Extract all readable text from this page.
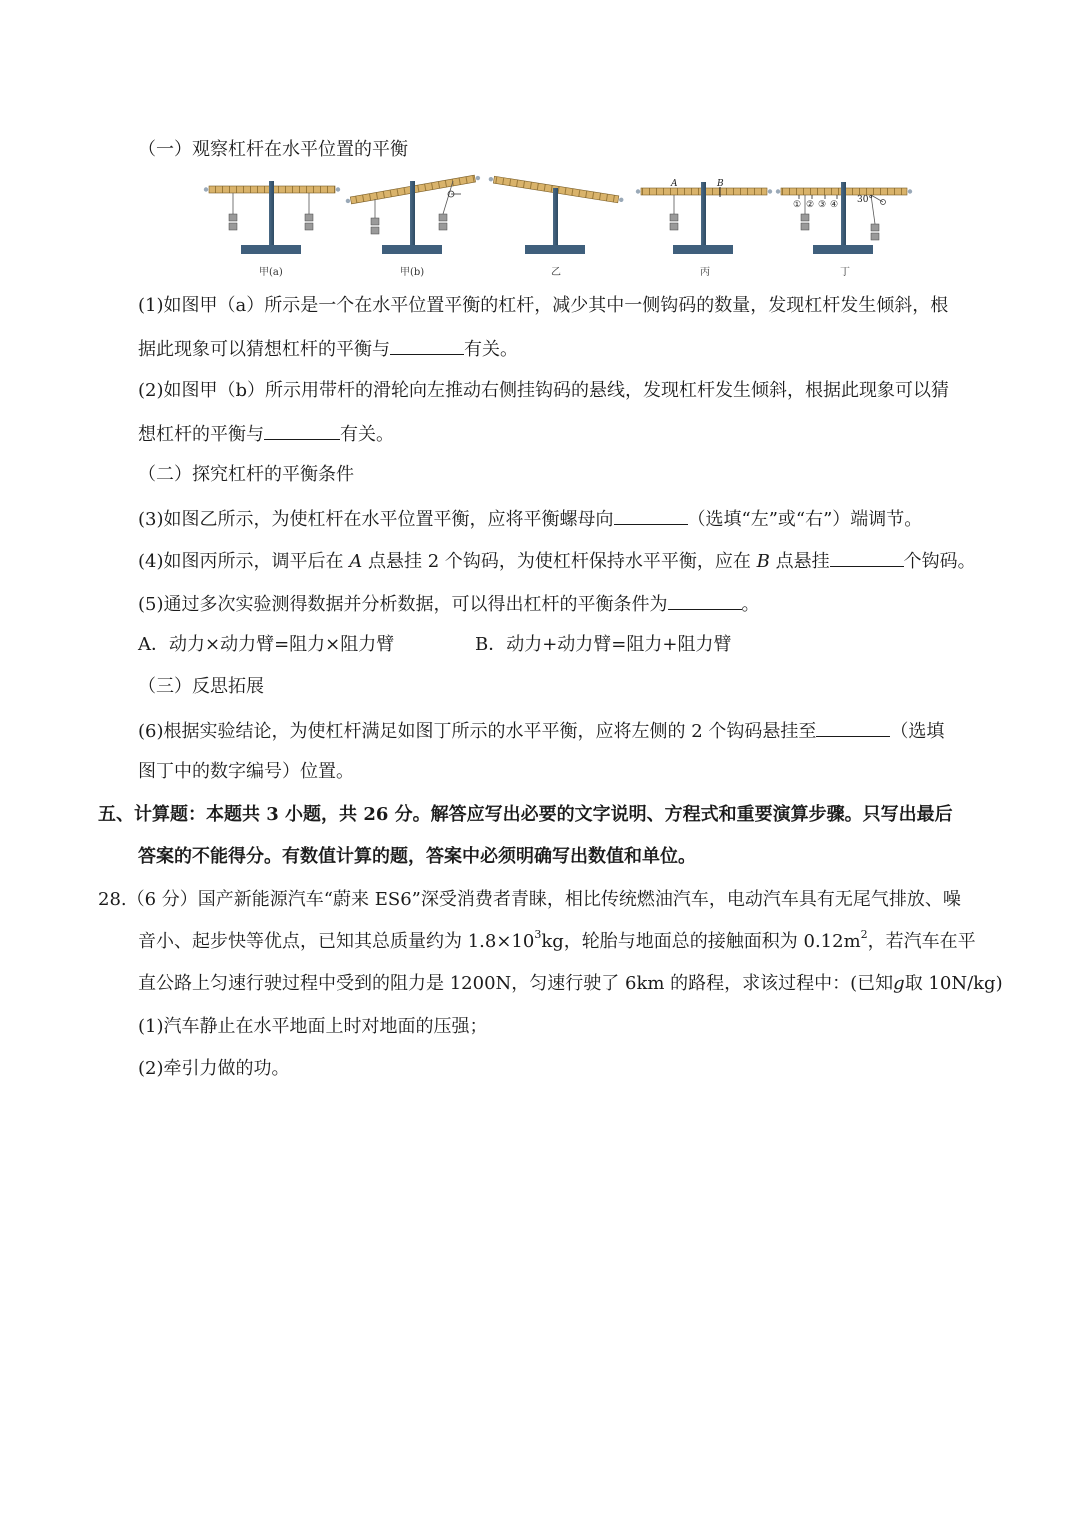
（一）观察杠杆在水平位置的平衡
甲(a)	甲(b)	乙
A	B
丙
① ② ③ ④ 30°
丁
(1)如图甲（a）所示是一个在水平位置平衡的杠杆，减少其中一侧钩码的数量，发现杠杆发生倾斜，根
据此现象可以猜想杠杆的平衡与	有关。
(2)如图甲（b）所示用带杆的滑轮向左推动右侧挂钩码的悬线，发现杠杆发生倾斜，根据此现象可以猜
想杠杆的平衡与	有关。
（二）探究杠杆的平衡条件
(3)如图乙所示，为使杠杆在水平位置平衡，应将平衡螺母向	（选填“左”或“右”）端调节。
(4)如图丙所示，调平后在 A 点悬挂 2 个钩码，为使杠杆保持水平平衡，应在 B 点悬挂	个钩码。
(5)通过多次实验测得数据并分析数据，可以得出杠杆的平衡条件为	。
A．动力×动力臂=阻力×阻力臂	B．动力+动力臂=阻力+阻力臂
（三）反思拓展
(6)根据实验结论，为使杠杆满足如图丁所示的水平平衡，应将左侧的 2 个钩码悬挂至	（选填
图丁中的数字编号）位置。
五、计算题：本题共 3 小题，共 26 分。解答应写出必要的文字说明、方程式和重要演算步骤。只写出最后
答案的不能得分。有数值计算的题，答案中必须明确写出数值和单位。
28.（6 分）国产新能源汽车“蔚来 ES6”深受消费者青睐，相比传统燃油汽车，电动汽车具有无尾气排放、噪
音小、起步快等优点，已知其总质量约为 $1.8\times 10^3kg$，轮胎与地面总的接触面积为 $0.12m^2$，若汽车在平
直公路上匀速行驶过程中受到的阻力是 1200N，匀速行驶了 6km 的路程，求该过程中：(已知g取 10N/kg)
(1)汽车静止在水平地面上时对地面的压强；
(2)牵引力做的功。
